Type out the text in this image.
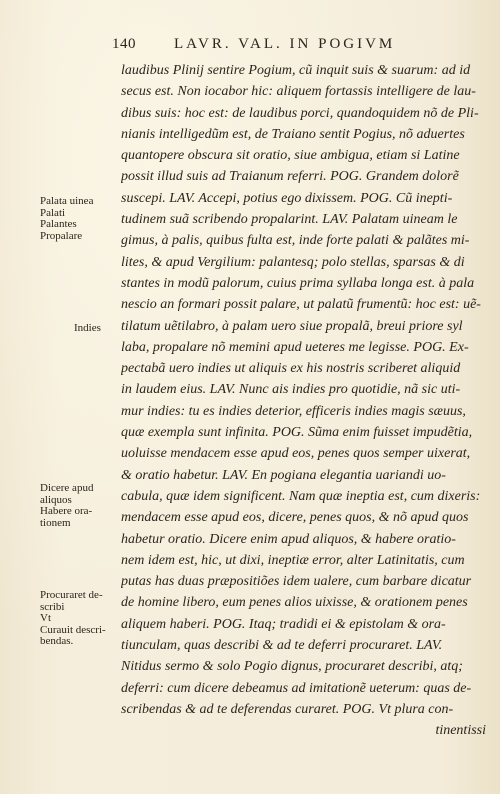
140	LAVR. VAL. IN POGIVM
laudibus Plinij sentire Pogium, cũ inquit suis & suarum: ad id
secus est. Non iocabor hic: aliquem fortassis intelligere de lau-
dibus suis: hoc est: de laudibus porci, quandoquidem nõ de Pli-
nianis intelligedũm est, de Traiano sentit Pogius, nõ aduertes
quantopere obscura sit oratio, siue ambigua, etiam si Latine
possit illud suis ad Traianum referri. POG. Grandem dolorẽ
suscepi. LAV. Accepi, potius ego dixissem. POG. Cũ inepti-
tudinem suã scribendo propalarint. LAV. Palatam uineam le
gimus, à palis, quibus fulta est, inde forte palati & palãtes mi-
lites, & apud Vergilium: palantesq; polo stellas, sparsas & di
stantes in modũ palorum, cuius prima syllaba longa est. à pala
nescio an formari possit palare, ut palatũ frumentũ: hoc est: uẽ-
tilatum uẽtilabro, à palam uero siue propalã, breui priore syl
laba, propalare nõ memini apud ueteres me legisse. POG. Ex-
pectabã uero indies ut aliquis ex his nostris scriberet aliquid
in laudem eius. LAV. Nunc ais indies pro quotidie, nã sic uti-
mur indies: tu es indies deterior, efficeris indies magis sæuus,
quæ exempla sunt infinita. POG. Sũma enim fuisset impudẽtia,
uoluisse mendacem esse apud eos, penes quos semper uixerat,
& oratio habetur. LAV. En pogiana elegantia uariandi uo-
cabula, quæ idem significent. Nam quæ ineptia est, cum dixeris:
mendacem esse apud eos, dicere, penes quos, & nõ apud quos
habetur oratio. Dicere enim apud aliquos, & habere oratio-
nem idem est, hic, ut dixi, ineptiæ error, alter Latinitatis, cum
putas has duas præpositiões idem ualere, cum barbare dicatur
de homine libero, eum penes alios uixisse, & orationem penes
aliquem haberi. POG. Itaq; tradidi ei & epistolam & ora-
tiunculam, quas describi & ad te deferri procuraret. LAV.
Nitidus sermo & solo Pogio dignus, procuraret describi, atq;
deferri: cum dicere debeamus ad imitationẽ ueterum: quas de-
scribendas & ad te deferendas curaret. POG. Vt plura con-
tinentissi
Palata uinea
Palati
Palantes
Propalare
Indies
Dicere apud
aliquos
Habere ora-
tionem
Procuraret de-
scribi
Vt
Curauit descri-
bendas.
